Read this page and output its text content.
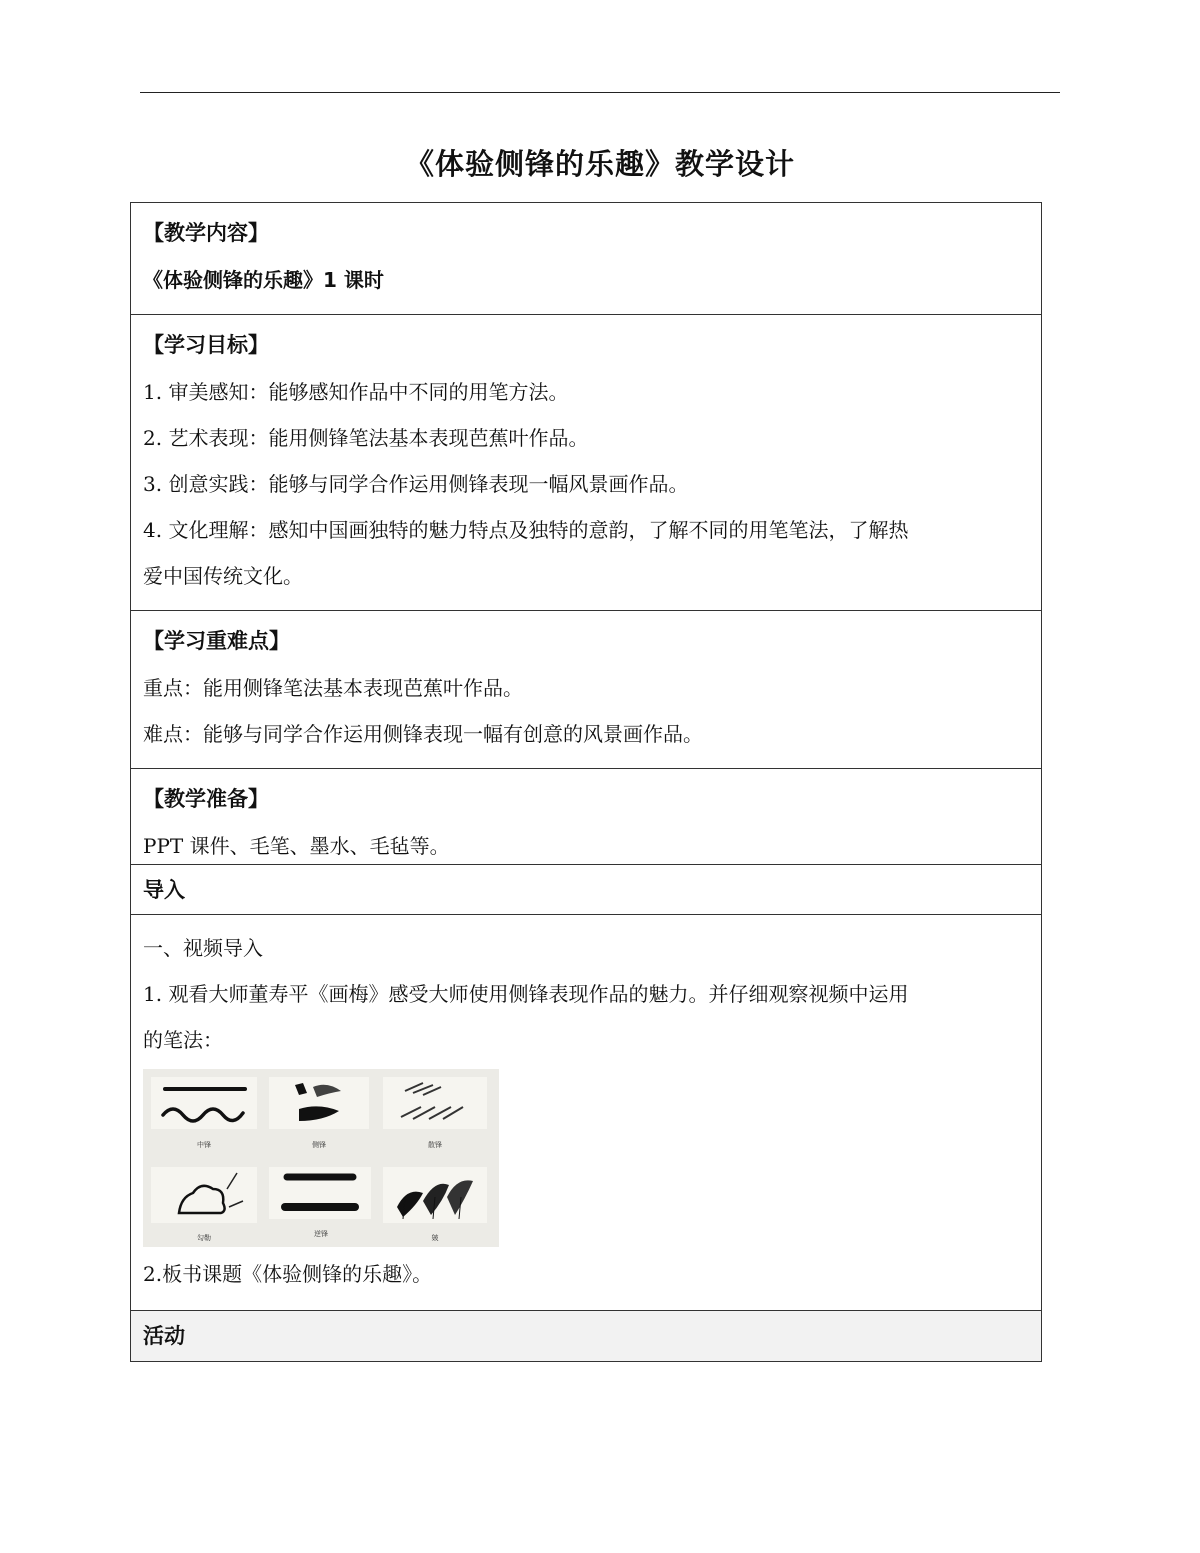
《体验侧锋的乐趣》教学设计
【教学内容】
《体验侧锋的乐趣》1 课时
【学习目标】
1. 审美感知：能够感知作品中不同的用笔方法。
2. 艺术表现：能用侧锋笔法基本表现芭蕉叶作品。
3. 创意实践：能够与同学合作运用侧锋表现一幅风景画作品。
4. 文化理解：感知中国画独特的魅力特点及独特的意韵，了解不同的用笔笔法，了解热
爱中国传统文化。
【学习重难点】
重点：能用侧锋笔法基本表现芭蕉叶作品。
难点：能够与同学合作运用侧锋表现一幅有创意的风景画作品。
【教学准备】
PPT 课件、毛笔、墨水、毛毡等。
导入
一、视频导入
1. 观看大师董寿平《画梅》感受大师使用侧锋表现作品的魅力。并仔细观察视频中运用
的笔法：
中锋	侧锋	散锋
勾勒	逆锋	皴
2.板书课题《体验侧锋的乐趣》。
活动
